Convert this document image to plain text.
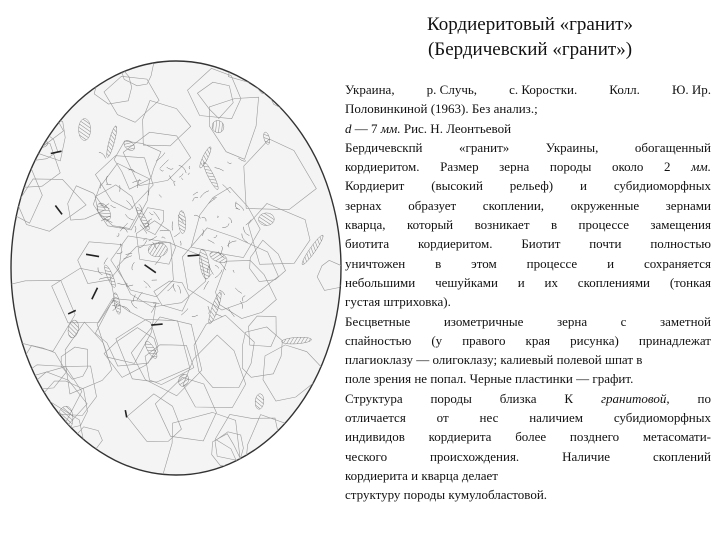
Кордиеритовый «гранит»
(Бердичевский «гранит»)
Украина, р. Случь, с. Коростки. Колл. Ю. Ир.
Половинкиной (1963). Без анализ.;
d — 7 мм. Рис. Н. Леонтьевой
Бердичевскпй	«гранит»	Украины,	обогащенный
кордиеритом. Размер зерна породы около 2 мм.
Кордиерит (высокий рельеф) и субидиоморфных
зернах образует скоплении, окруженные зернами
кварца, который возникает в процессе замещения
биотита кордиеритом. Биотит почти полностью
уничтожен в этом процессе и сохраняется
небольшими чешуйками и их скоплениями (тонкая
густая штриховка).
Бесцветные	изометричные	зерна	с	заметной
спайностью (у правого края рисунка) принадлежат
плагиоклазу — олигоклазу; калиевый полевой шпат в
поле зрения не попал. Черные пластинки — графит.
Структура породы близка К гранитовой, по
отличается от нес наличием субидиоморфных
индивидов кордиерита более позднего метасомати-
ческого	происхождения.	Наличие	скоплений
кордиерита и кварца делает
структуру породы кумулобластовой.
